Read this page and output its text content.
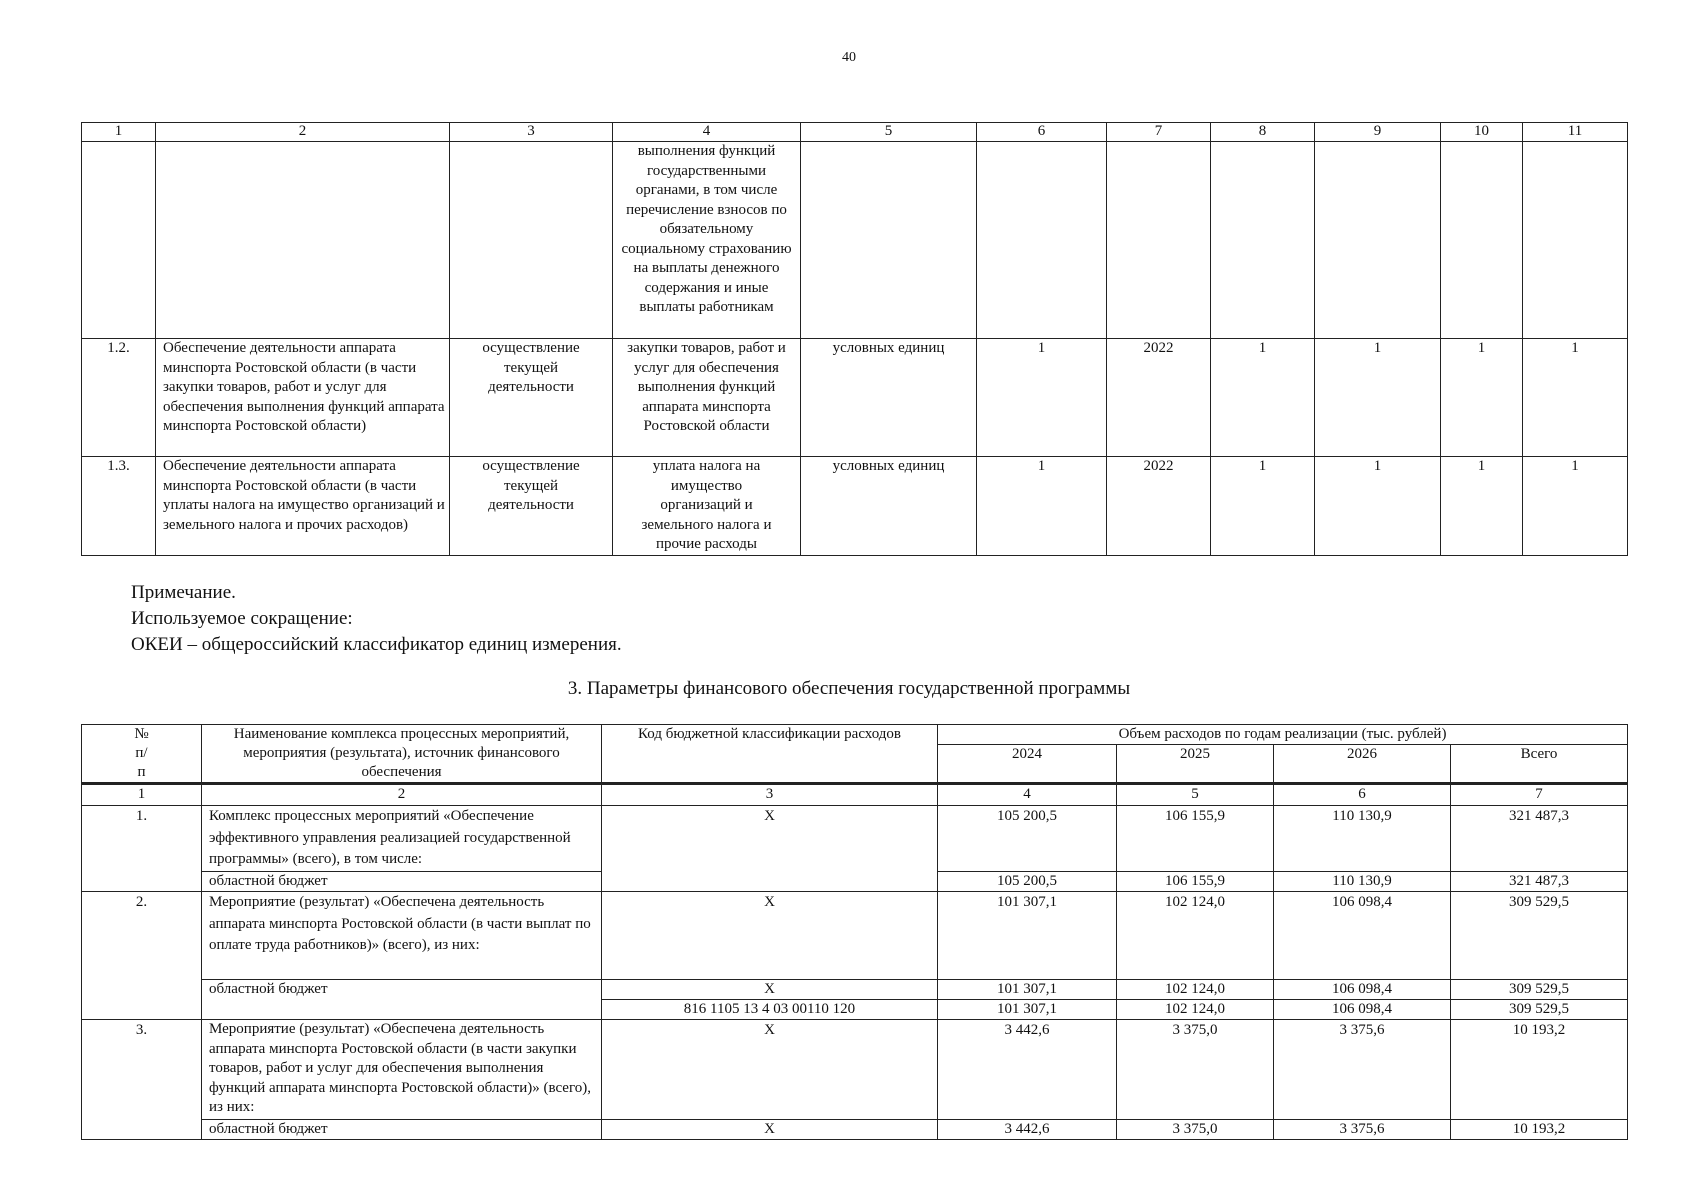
40
1	2	3	4	5	6	7	8	9	10	11
			выполнения функций государственными органами, в том числе перечисление взносов по обязательному социальному страхованию на выплаты денежного содержания и иные выплаты работникам							
1.2.	Обеспечение деятельности аппарата минспорта Ростовской области (в части закупки товаров, работ и услуг для обеспечения выполнения функций аппарата минспорта Ростовской области)	осуществление текущей деятельности	закупки товаров, работ и услуг для обеспечения выполнения функций аппарата минспорта Ростовской области	условных единиц	1	2022	1	1	1	1
1.3.	Обеспечение деятельности аппарата минспорта Ростовской области (в части уплаты налога на имущество организаций и земельного налога и прочих расходов)	осуществление текущей деятельности	уплата налога на имущество организаций и земельного налога и прочие расходы	условных единиц	1	2022	1	1	1	1
Примечание.
Используемое сокращение:
ОКЕИ – общероссийский классификатор единиц измерения.
3. Параметры финансового обеспечения государственной программы
№ п/п	Наименование комплекса процессных мероприятий, мероприятия (результата), источник финансового обеспечения	Код бюджетной классификации расходов	Объем расходов по годам реализации (тыс. рублей)			
			2024	2025	2026	Всего
1	2	3	4	5	6	7
1.	Комплекс процессных мероприятий «Обеспечение эффективного управления реализацией государственной программы» (всего), в том числе:	X	105 200,5	106 155,9	110 130,9	321 487,3
	областной бюджет		105 200,5	106 155,9	110 130,9	321 487,3
2.	Мероприятие (результат) «Обеспечена деятельность аппарата минспорта Ростовской области (в части выплат по оплате труда работников)» (всего), из них:	X	101 307,1	102 124,0	106 098,4	309 529,5
	областной бюджет	X	101 307,1	102 124,0	106 098,4	309 529,5
		816 1105 13 4 03 00110 120	101 307,1	102 124,0	106 098,4	309 529,5
3.	Мероприятие (результат) «Обеспечена деятельность аппарата минспорта Ростовской области (в части закупки товаров, работ и услуг для обеспечения выполнения функций аппарата минспорта Ростовской области)» (всего), из них:	X	3 442,6	3 375,0	3 375,6	10 193,2
	областной бюджет	X	3 442,6	3 375,0	3 375,6	10 193,2
